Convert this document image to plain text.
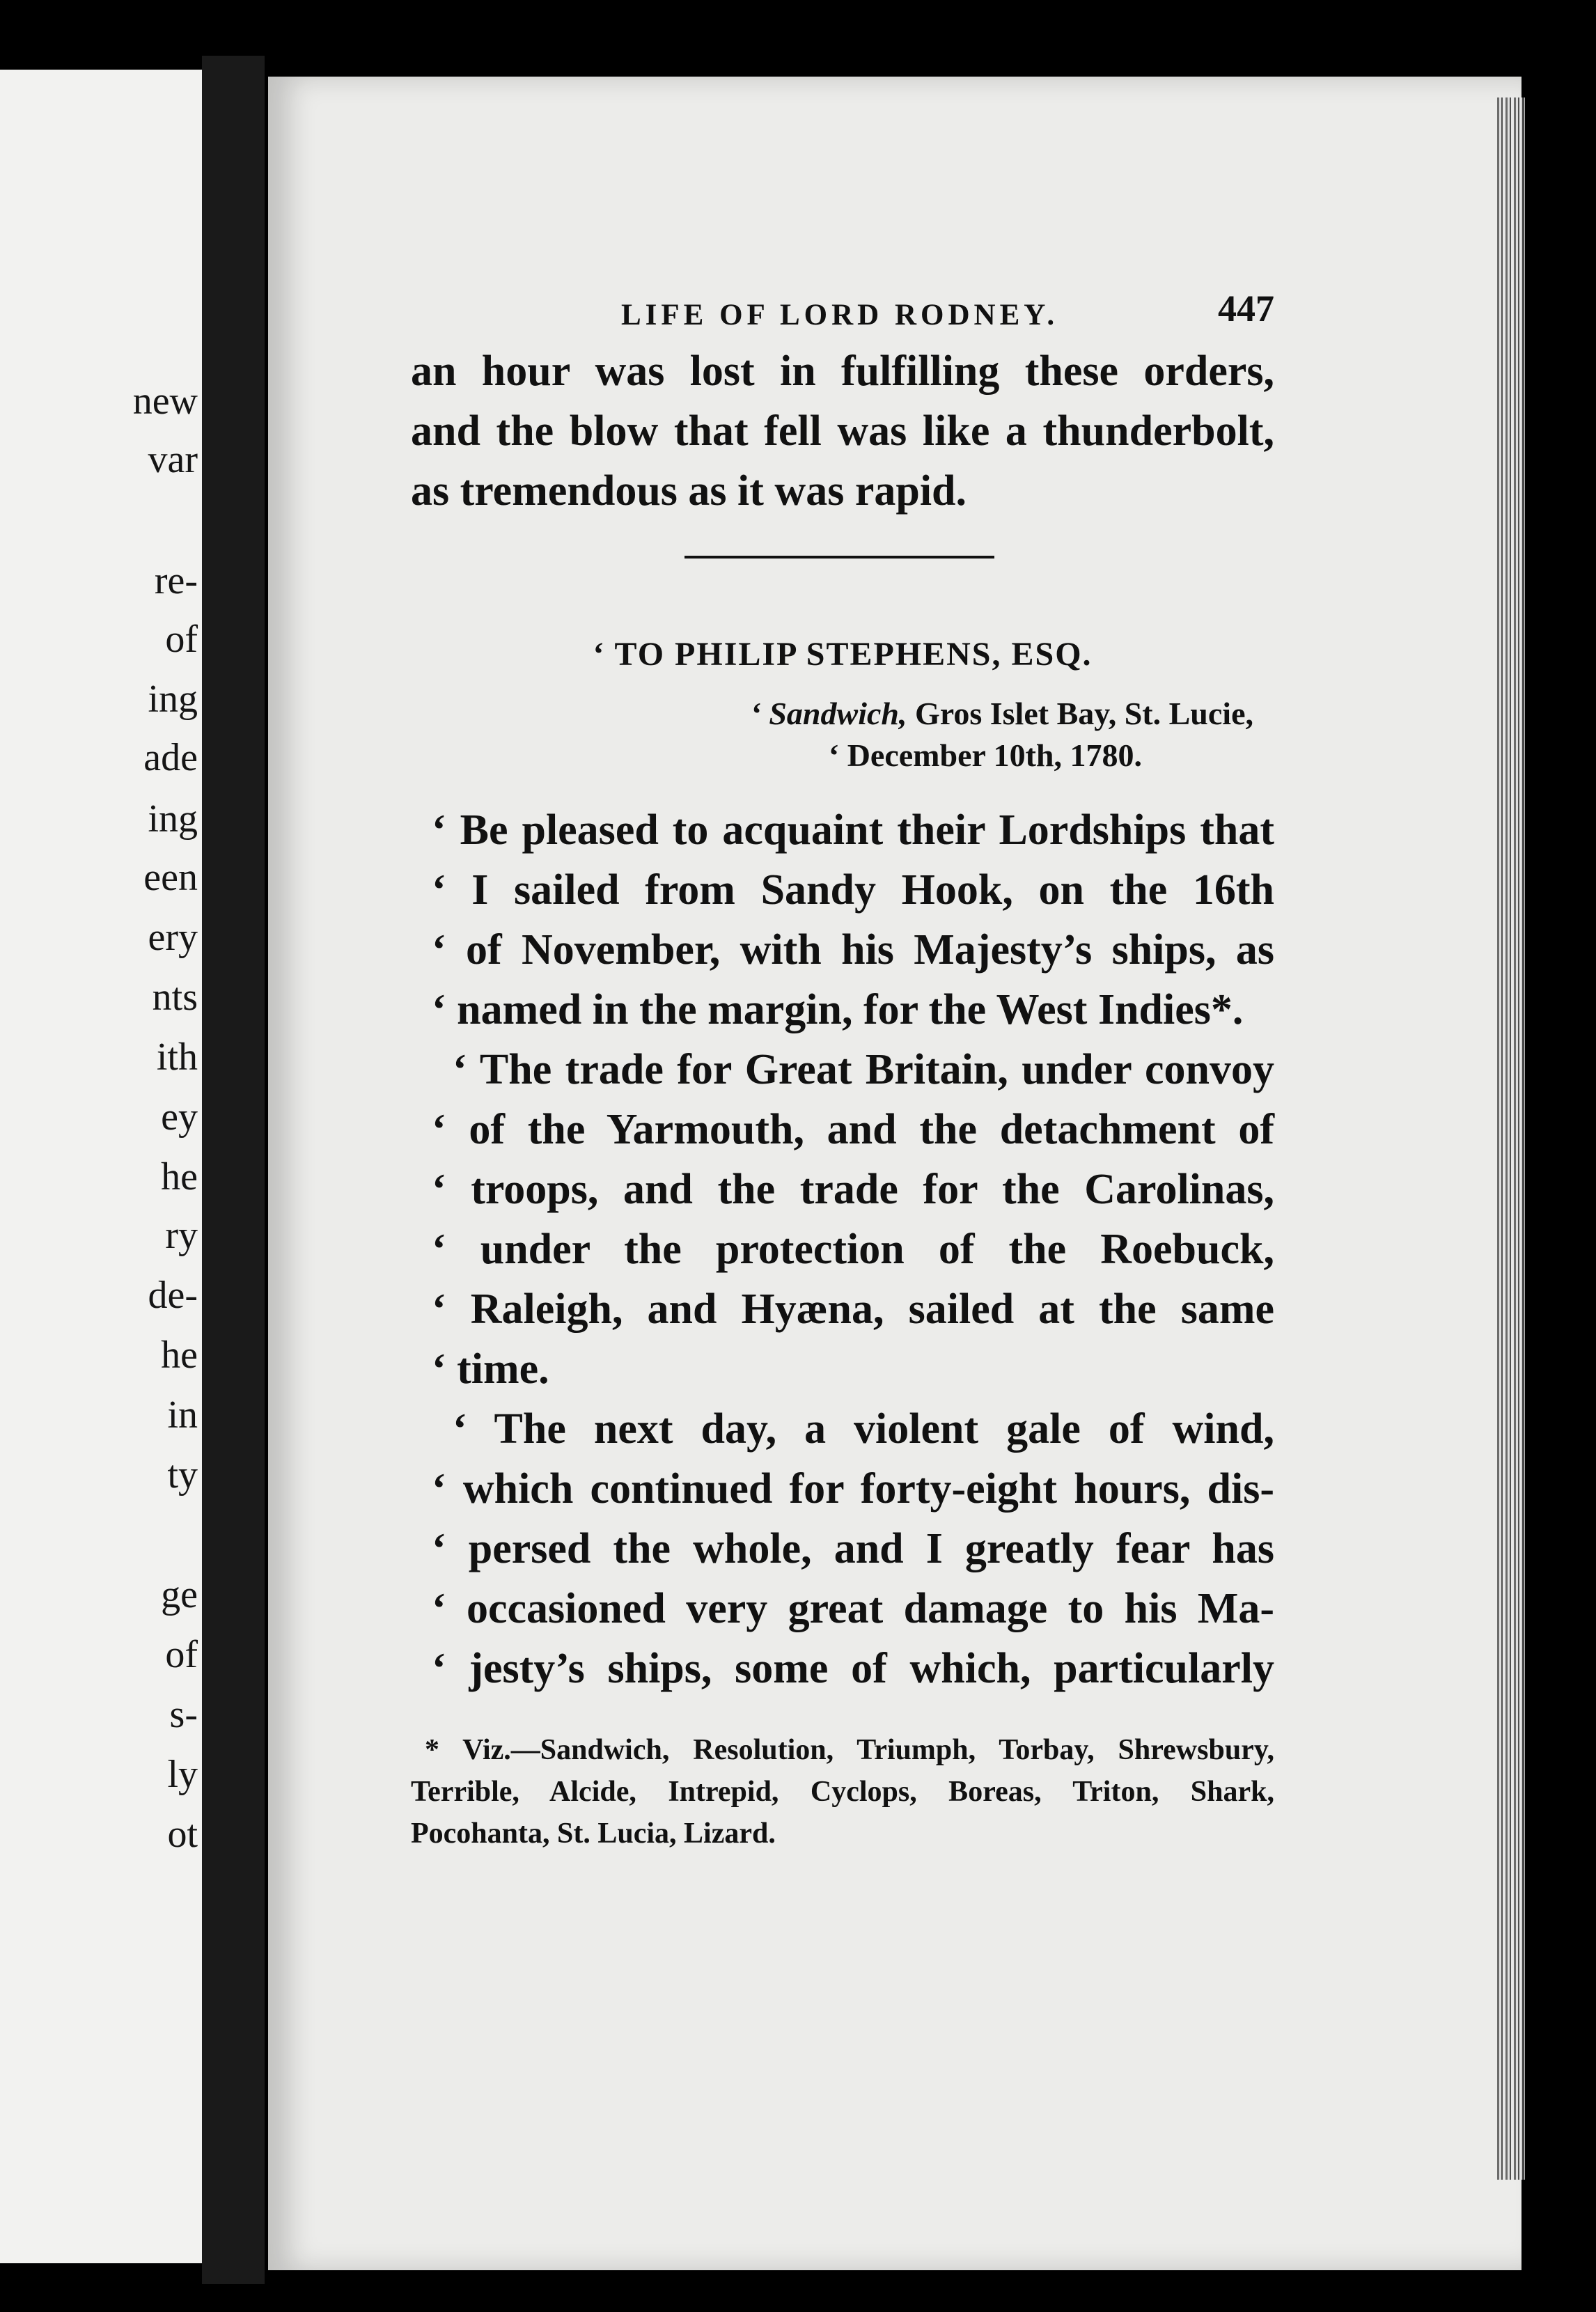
new

var

re-

of

ing

ade

ing

een

ery

nts

ith

ey

he

ry

de-

he

in

ty

ge

of

s-

ly

ot

LIFE OF LORD RODNEY.	447

an hour was lost in fulfilling these orders,
and the blow that fell was like a thunderbolt,
as tremendous as it was rapid.

‘ TO PHILIP STEPHENS, ESQ.
‘ Sandwich, Gros Islet Bay, St. Lucie,
‘ December 10th, 1780.
‘ Be pleased to acquaint their Lordships that
‘ I sailed from Sandy Hook, on the 16th
‘ of November, with his Majesty’s ships, as
‘ named in the margin, for the West Indies*.
‘ The trade for Great Britain, under convoy
‘ of the Yarmouth, and the detachment of
‘ troops, and the trade for the Carolinas,
‘ under the protection of the Roebuck,
‘ Raleigh, and Hyæna, sailed at the same
‘ time.
‘ The next day, a violent gale of wind,
‘ which continued for forty-eight hours, dis-
‘ persed the whole, and I greatly fear has
‘ occasioned very great damage to his Ma-
‘ jesty’s ships, some of which, particularly
* Viz.—Sandwich, Resolution, Triumph, Torbay, Shrewsbury,
Terrible, Alcide, Intrepid, Cyclops, Boreas, Triton, Shark,
Pocohanta, St. Lucia, Lizard.
